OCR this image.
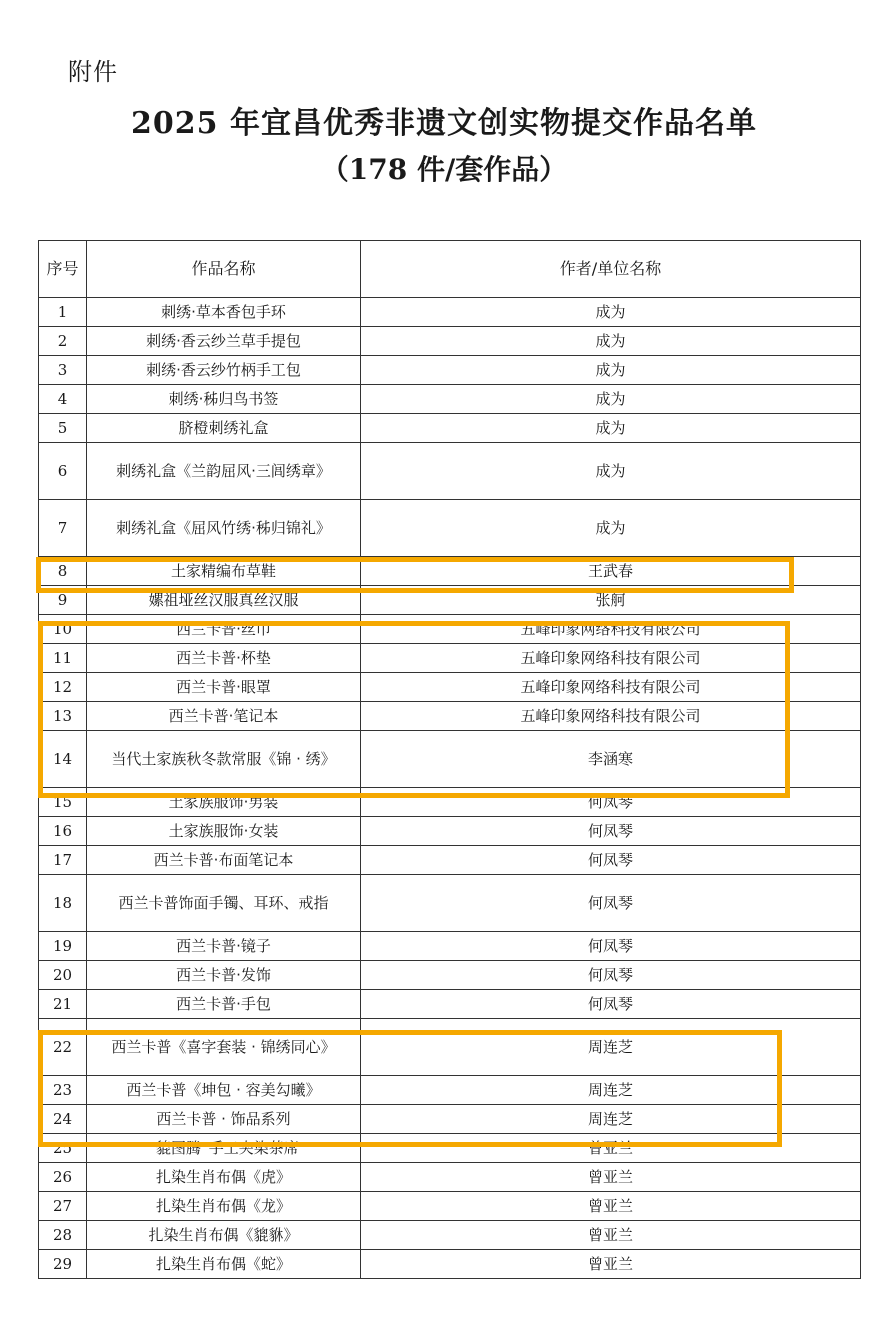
附件
2025 年宜昌优秀非遗文创实物提交作品名单
（178 件/套作品）
序号	作品名称	作者/单位名称
1	刺绣·草本香包手环	成为
2	刺绣·香云纱兰草手提包	成为
3	刺绣·香云纱竹柄手工包	成为
4	刺绣·秭归鸟书签	成为
5	脐橙刺绣礼盒	成为
6	刺绣礼盒《兰韵屈风·三闾绣章》	成为
7	刺绣礼盒《屈风竹绣·秭归锦礼》	成为
8	土家精编布草鞋	王武春
9	嫘祖垭丝汉服真丝汉服	张舸
10	西兰卡普·丝巾	五峰印象网络科技有限公司
11	西兰卡普·杯垫	五峰印象网络科技有限公司
12	西兰卡普·眼罩	五峰印象网络科技有限公司
13	西兰卡普·笔记本	五峰印象网络科技有限公司
14	当代土家族秋冬款常服《锦 · 绣》	李涵寒
15	土家族服饰·男装	何凤琴
16	土家族服饰·女装	何凤琴
17	西兰卡普·布面笔记本	何凤琴
18	西兰卡普饰面手镯、耳环、戒指	何凤琴
19	西兰卡普·镜子	何凤琴
20	西兰卡普·发饰	何凤琴
21	西兰卡普·手包	何凤琴
22	西兰卡普《喜字套装 · 锦绣同心》	周连芝
23	西兰卡普《坤包 · 容美勾曦》	周连芝
24	西兰卡普 · 饰品系列	周连芝
25	“貔图腾”手工夹染茶席	曾亚兰
26	扎染生肖布偶《虎》	曾亚兰
27	扎染生肖布偶《龙》	曾亚兰
28	扎染生肖布偶《貔貅》	曾亚兰
29	扎染生肖布偶《蛇》	曾亚兰
